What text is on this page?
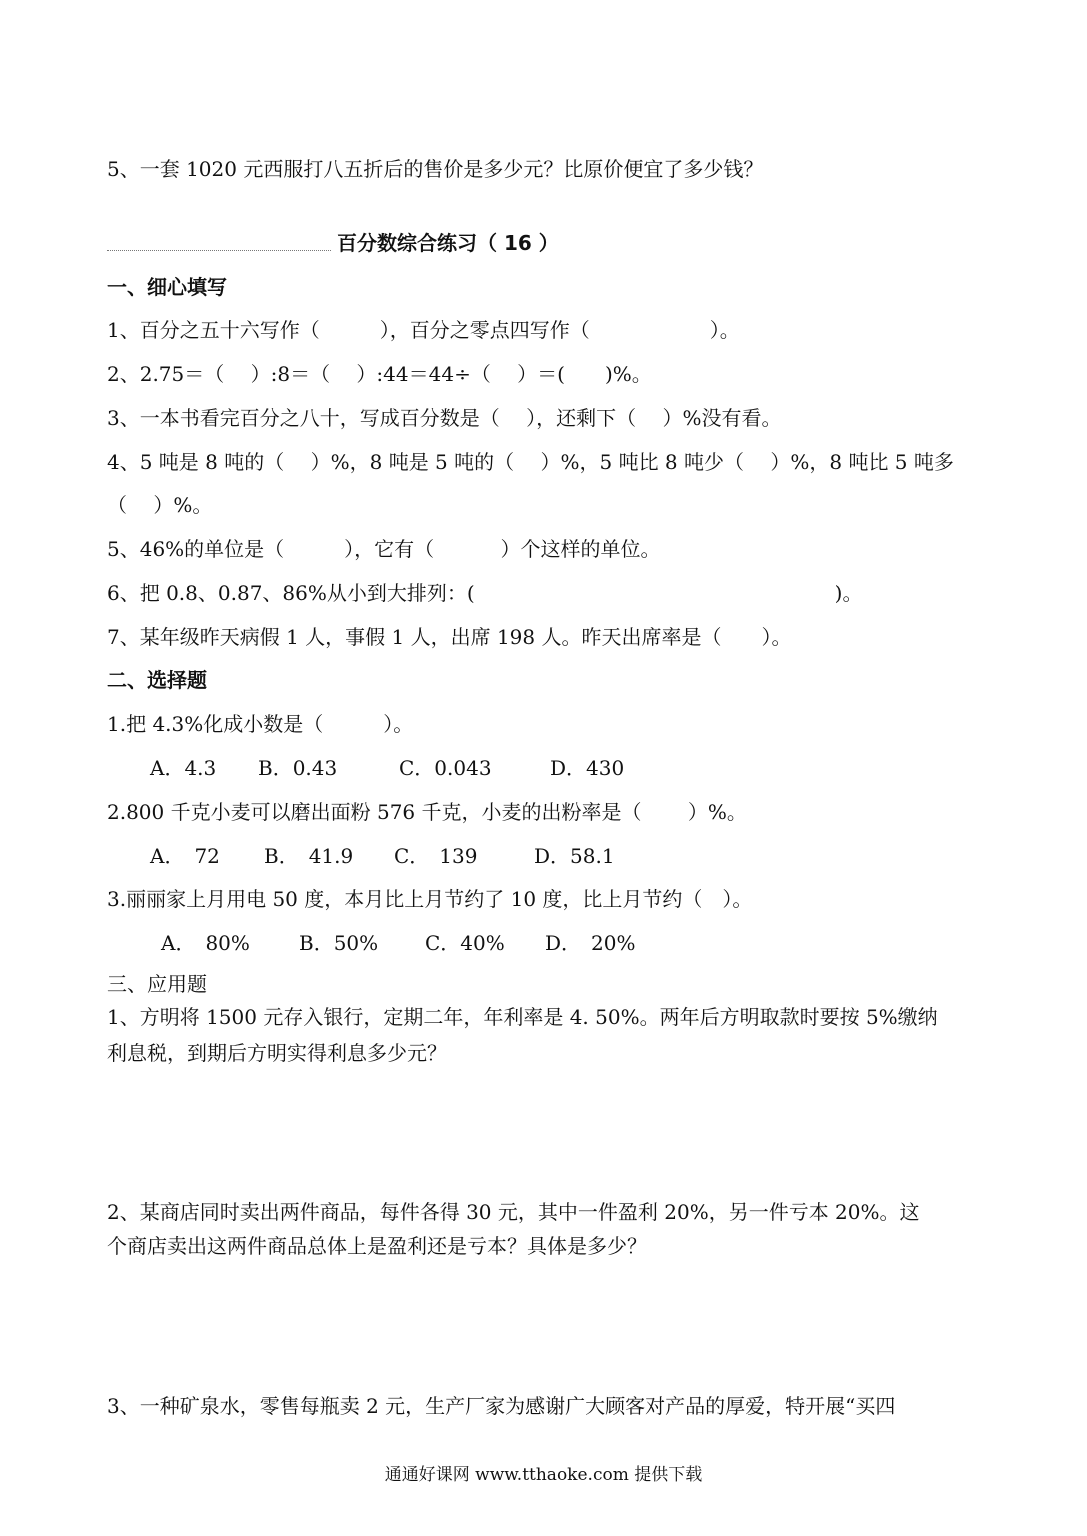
5、一套 1020 元西服打八五折后的售价是多少元？比原价便宜了多少钱？
百分数综合练习（ 16 ）
一、细心填写
1、百分之五十六写作（　　　），百分之零点四写作（　　　　　　）。
2、2.75＝（　 ）:8＝（　 ）:44＝44÷（　 ）＝(　　)%。
3、一本书看完百分之八十，写成百分数是（　 ），还剩下（　 ）%没有看。
4、5 吨是 8 吨的（　 ）%，8 吨是 5 吨的（　 ）%，5 吨比 8 吨少（　 ）%，8 吨比 5 吨多
（　 ）%。
5、46%的单位是（　　　），它有（　　　 ）个这样的单位。
6、把 0.8、0.87、86%从小到大排列：(　　　　　　　　　　　　　　　　　　)。
7、某年级昨天病假 1 人，事假 1 人，出席 198 人。昨天出席率是（　　）。
二、选择题
1.把 4.3%化成小数是（　　　）。
A．4.3 B．0.43	C．0.043	D．430
2.800 千克小麦可以磨出面粉 576 千克，小麦的出粉率是（　　 ）%。
A．　72 B．　41.9 C．　139	D．58.1
3.丽丽家上月用电 50 度，本月比上月节约了 10 度，比上月节约（　）。
A．　80% B．50% C．40% D．　20%
三、应用题
1、方明将 1500 元存入银行，定期二年，年利率是 4. 50%。两年后方明取款时要按 5%缴纳
利息税，到期后方明实得利息多少元？
2、某商店同时卖出两件商品，每件各得 30 元，其中一件盈利 20%，另一件亏本 20%。这
个商店卖出这两件商品总体上是盈利还是亏本？具体是多少？
3、一种矿泉水，零售每瓶卖 2 元，生产厂家为感谢广大顾客对产品的厚爱，特开展“买四
通通好课网 www.tthaoke.com 提供下载
